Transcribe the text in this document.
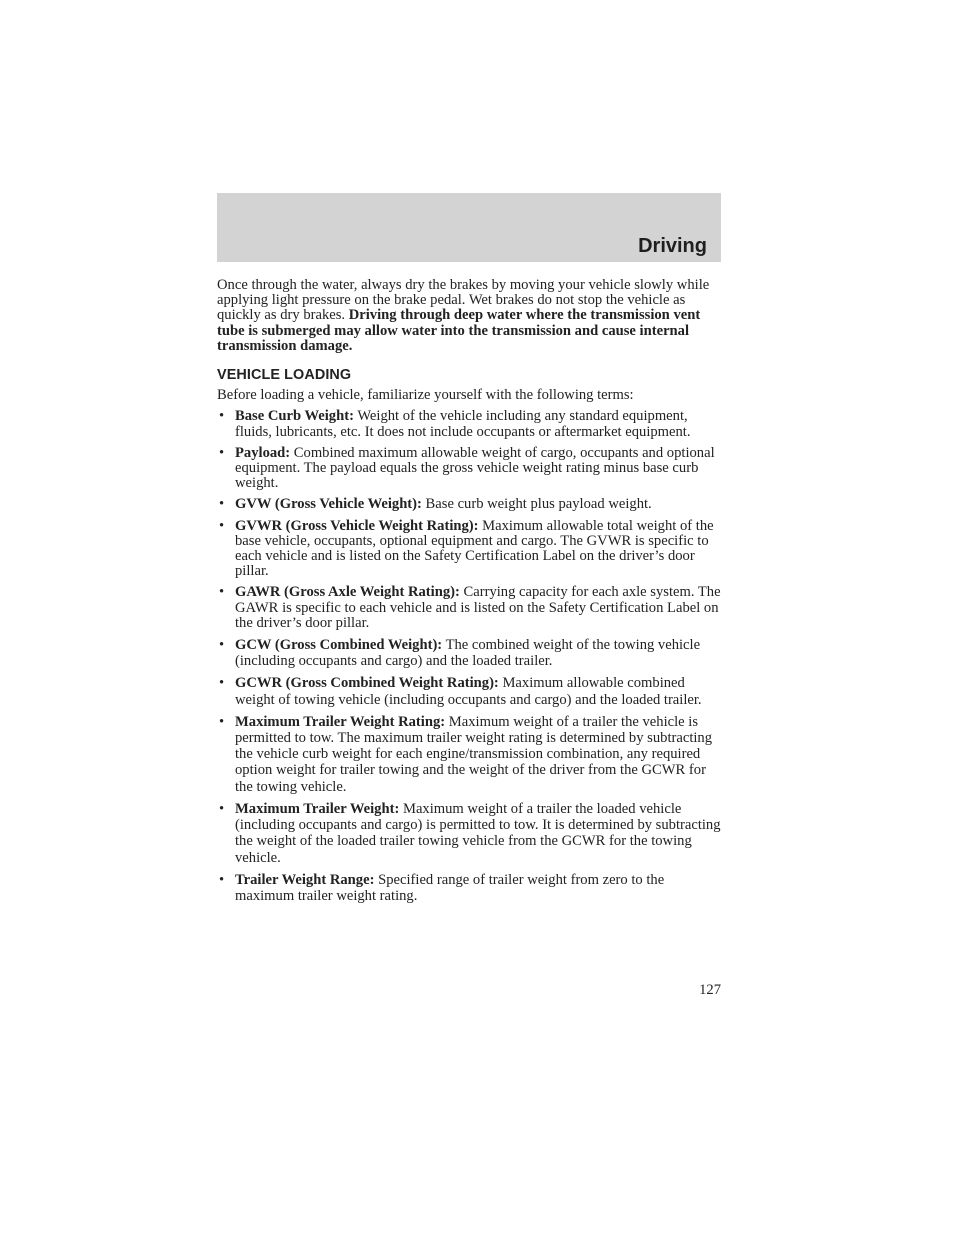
Driving

Once through the water, always dry the brakes by moving your vehicle slowly while applying light pressure on the brake pedal. Wet brakes do not stop the vehicle as quickly as dry brakes. Driving through deep water where the transmission vent tube is submerged may allow water into the transmission and cause internal transmission damage.

VEHICLE LOADING

Before loading a vehicle, familiarize yourself with the following terms:

• Base Curb Weight: Weight of the vehicle including any standard equipment, fluids, lubricants, etc. It does not include occupants or aftermarket equipment.
• Payload: Combined maximum allowable weight of cargo, occupants and optional equipment. The payload equals the gross vehicle weight rating minus base curb weight.
• GVW (Gross Vehicle Weight): Base curb weight plus payload weight.
• GVWR (Gross Vehicle Weight Rating): Maximum allowable total weight of the base vehicle, occupants, optional equipment and cargo. The GVWR is specific to each vehicle and is listed on the Safety Certification Label on the driver’s door pillar.
• GAWR (Gross Axle Weight Rating): Carrying capacity for each axle system. The GAWR is specific to each vehicle and is listed on the Safety Certification Label on the driver’s door pillar.
• GCW (Gross Combined Weight): The combined weight of the towing vehicle (including occupants and cargo) and the loaded trailer.
• GCWR (Gross Combined Weight Rating): Maximum allowable combined weight of towing vehicle (including occupants and cargo) and the loaded trailer.
• Maximum Trailer Weight Rating: Maximum weight of a trailer the vehicle is permitted to tow. The maximum trailer weight rating is determined by subtracting the vehicle curb weight for each engine/transmission combination, any required option weight for trailer towing and the weight of the driver from the GCWR for the towing vehicle.
• Maximum Trailer Weight: Maximum weight of a trailer the loaded vehicle (including occupants and cargo) is permitted to tow. It is determined by subtracting the weight of the loaded trailer towing vehicle from the GCWR for the towing vehicle.
• Trailer Weight Range: Specified range of trailer weight from zero to the maximum trailer weight rating.
127
